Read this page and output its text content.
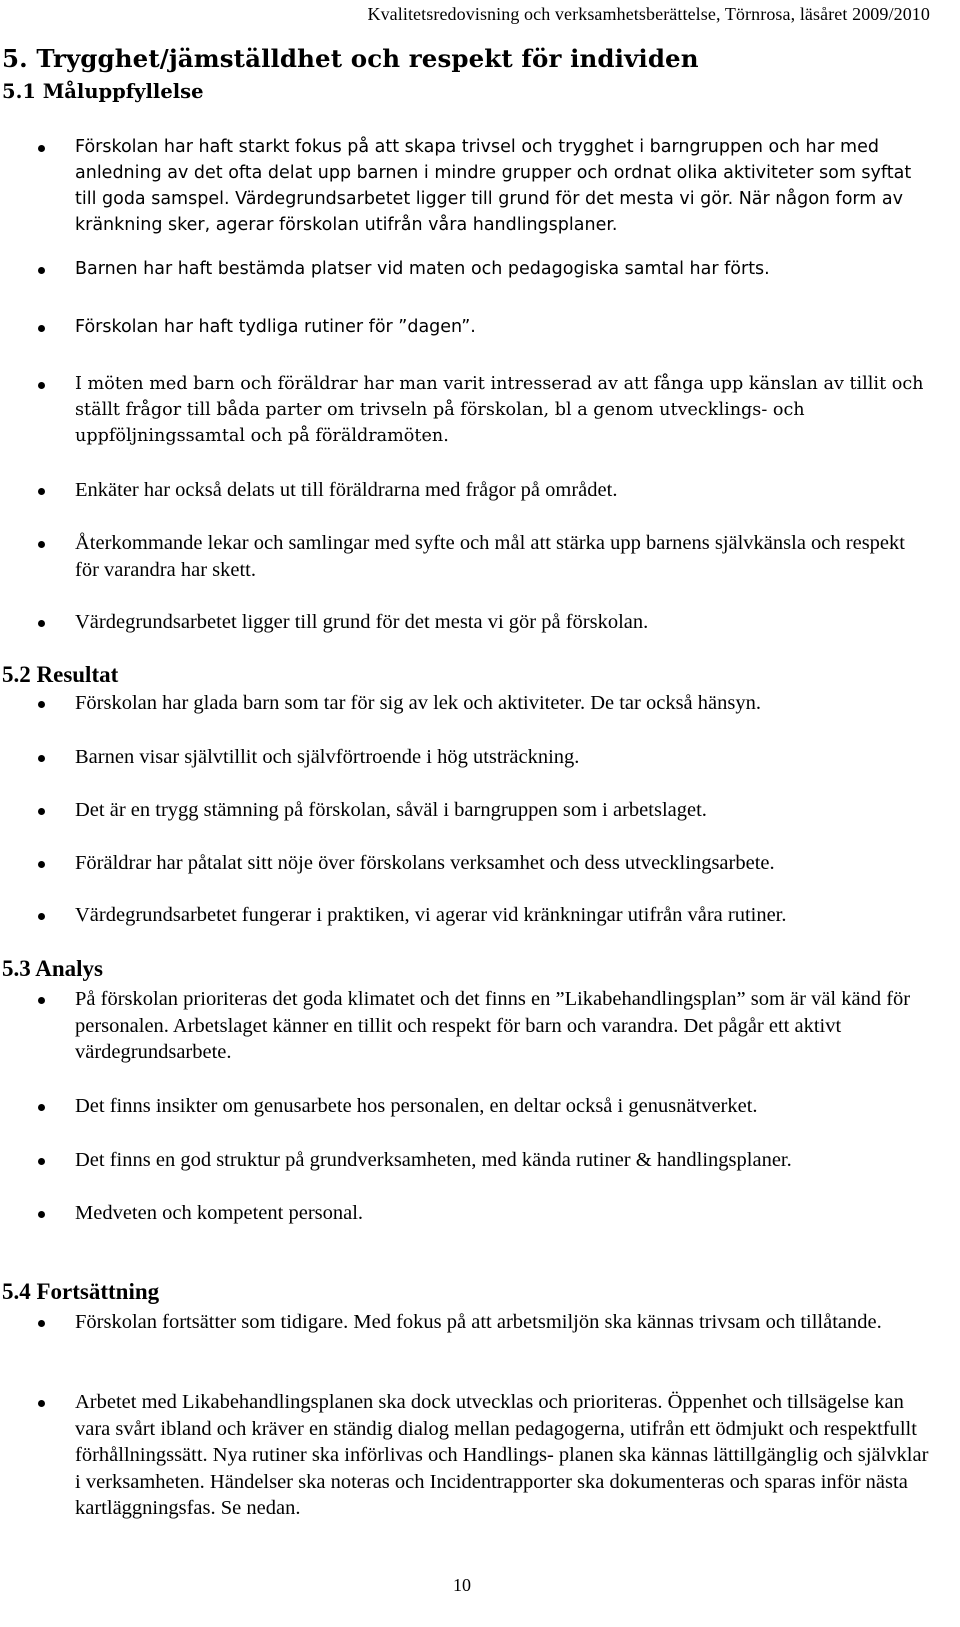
Kvalitetsredovisning och verksamhetsberättelse, Törnrosa, läsåret 2009/2010
5. Trygghet/jämställdhet och respekt för individen
5.1 Måluppfyllelse
Förskolan har haft starkt fokus på att skapa trivsel och trygghet i barngruppen och har med anledning av det ofta delat upp barnen i mindre grupper och ordnat olika aktiviteter som syftat till goda samspel. Värdegrundsarbetet ligger till grund för det mesta vi gör. När någon form av kränkning sker, agerar förskolan utifrån våra handlingsplaner.
Barnen har haft bestämda platser vid maten och pedagogiska samtal har förts.
Förskolan har haft tydliga rutiner för ”dagen”.
I möten med barn och föräldrar har man varit intresserad av att fånga upp känslan av tillit och ställt frågor till båda parter om trivseln på förskolan, bl a genom utvecklings- och uppföljningssamtal och på föräldramöten.
Enkäter har också delats ut till föräldrarna med frågor på området.
Återkommande lekar och samlingar med syfte och mål att stärka upp barnens självkänsla och respekt för varandra har skett.
Värdegrundsarbetet ligger till grund för det mesta vi gör på förskolan.
5.2 Resultat
Förskolan har glada barn som tar för sig av lek och aktiviteter. De tar också hänsyn.
Barnen visar självtillit och självförtroende i hög utsträckning.
Det är en trygg stämning på förskolan, såväl i barngruppen som i arbetslaget.
Föräldrar har påtalat sitt nöje över förskolans verksamhet och dess utvecklingsarbete.
Värdegrundsarbetet fungerar i praktiken, vi agerar vid kränkningar utifrån våra rutiner.
5.3 Analys
På förskolan prioriteras det goda klimatet och det finns en ”Likabehandlingsplan” som är väl känd för personalen. Arbetslaget känner en tillit och respekt för barn och varandra. Det pågår ett aktivt värdegrundsarbete.
Det finns insikter om genusarbete hos personalen, en deltar också i genusnätverket.
Det finns en god struktur på grundverksamheten, med kända rutiner & handlingsplaner.
Medveten och kompetent personal.
5.4 Fortsättning
Förskolan fortsätter som tidigare. Med fokus på att arbetsmiljön ska kännas trivsam och tillåtande.
Arbetet med Likabehandlingsplanen ska dock utvecklas och prioriteras. Öppenhet och tillsägelse kan vara svårt ibland och kräver en ständig dialog mellan pedagogerna, utifrån ett ödmjukt och respektfullt förhållningssätt. Nya rutiner ska införlivas och Handlings- planen ska kännas lättillgänglig och självklar i verksamheten. Händelser ska noteras och Incidentrapporter ska dokumenteras och sparas inför nästa kartläggningsfas. Se nedan.
10
